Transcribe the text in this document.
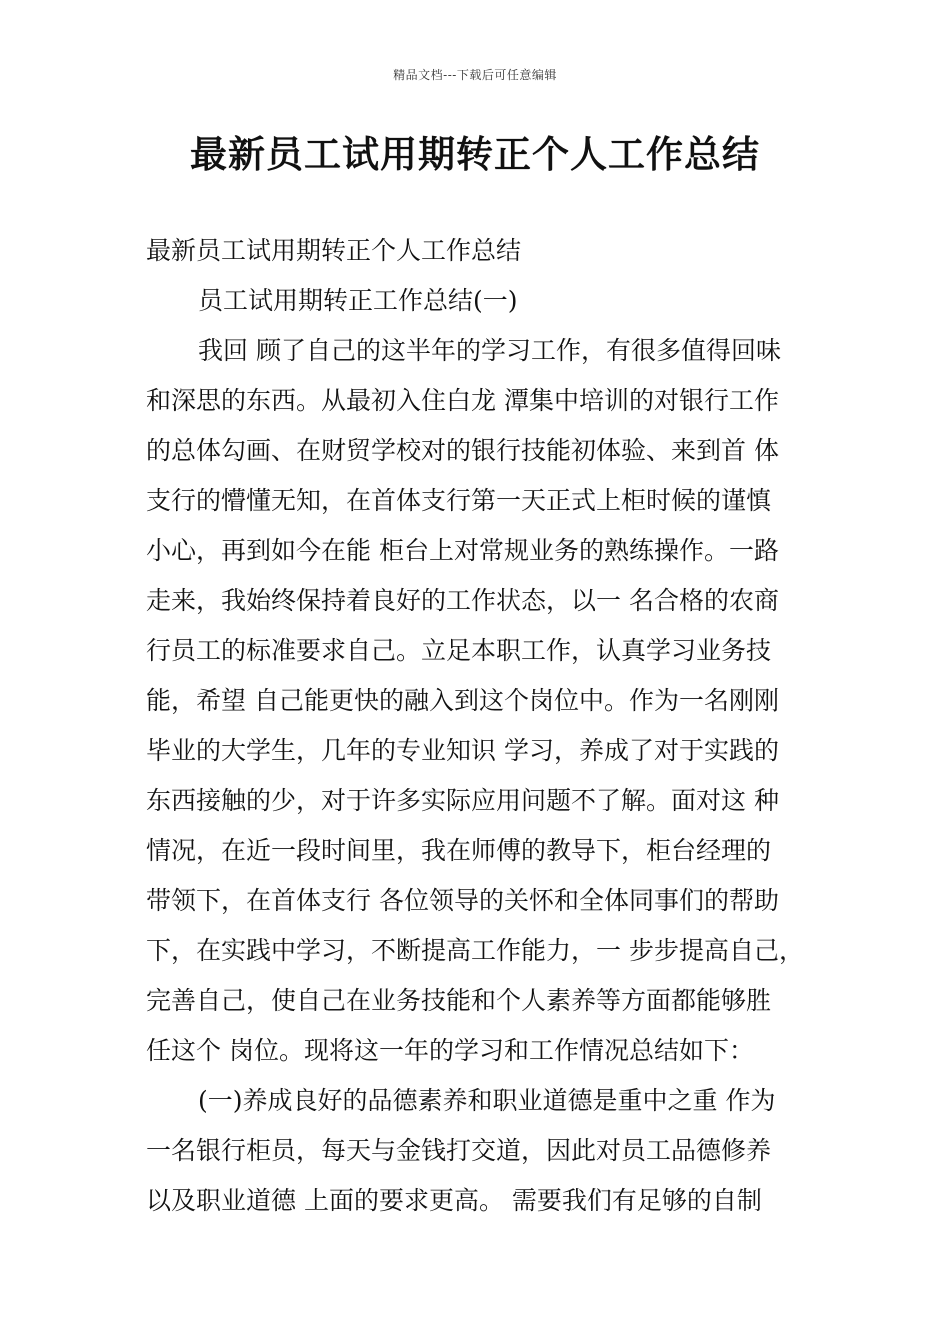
精品文档---下载后可任意编辑
最新员工试用期转正个人工作总结
最新员工试用期转正个人工作总结
员工试用期转正工作总结(一)
我回 顾了自己的这半年的学习工作，有很多值得回味
和深思的东西。从最初入住白龙 潭集中培训的对银行工作
的总体勾画、在财贸学校对的银行技能初体验、来到首 体
支行的懵懂无知，在首体支行第一天正式上柜时候的谨慎
小心，再到如今在能 柜台上对常规业务的熟练操作。一路
走来，我始终保持着良好的工作状态，以一 名合格的农商
行员工的标准要求自己。立足本职工作，认真学习业务技
能，希望 自己能更快的融入到这个岗位中。作为一名刚刚
毕业的大学生，几年的专业知识 学习，养成了对于实践的
东西接触的少，对于许多实际应用问题不了解。面对这 种
情况，在近一段时间里，我在师傅的教导下，柜台经理的
带领下，在首体支行 各位领导的关怀和全体同事们的帮助
下，在实践中学习，不断提高工作能力，一 步步提高自己，
完善自己，使自己在业务技能和个人素养等方面都能够胜
任这个 岗位。现将这一年的学习和工作情况总结如下：
(一)养成良好的品德素养和职业道德是重中之重 作为
一名银行柜员，每天与金钱打交道，因此对员工品德修养
以及职业道德 上面的要求更高。 需要我们有足够的自制
